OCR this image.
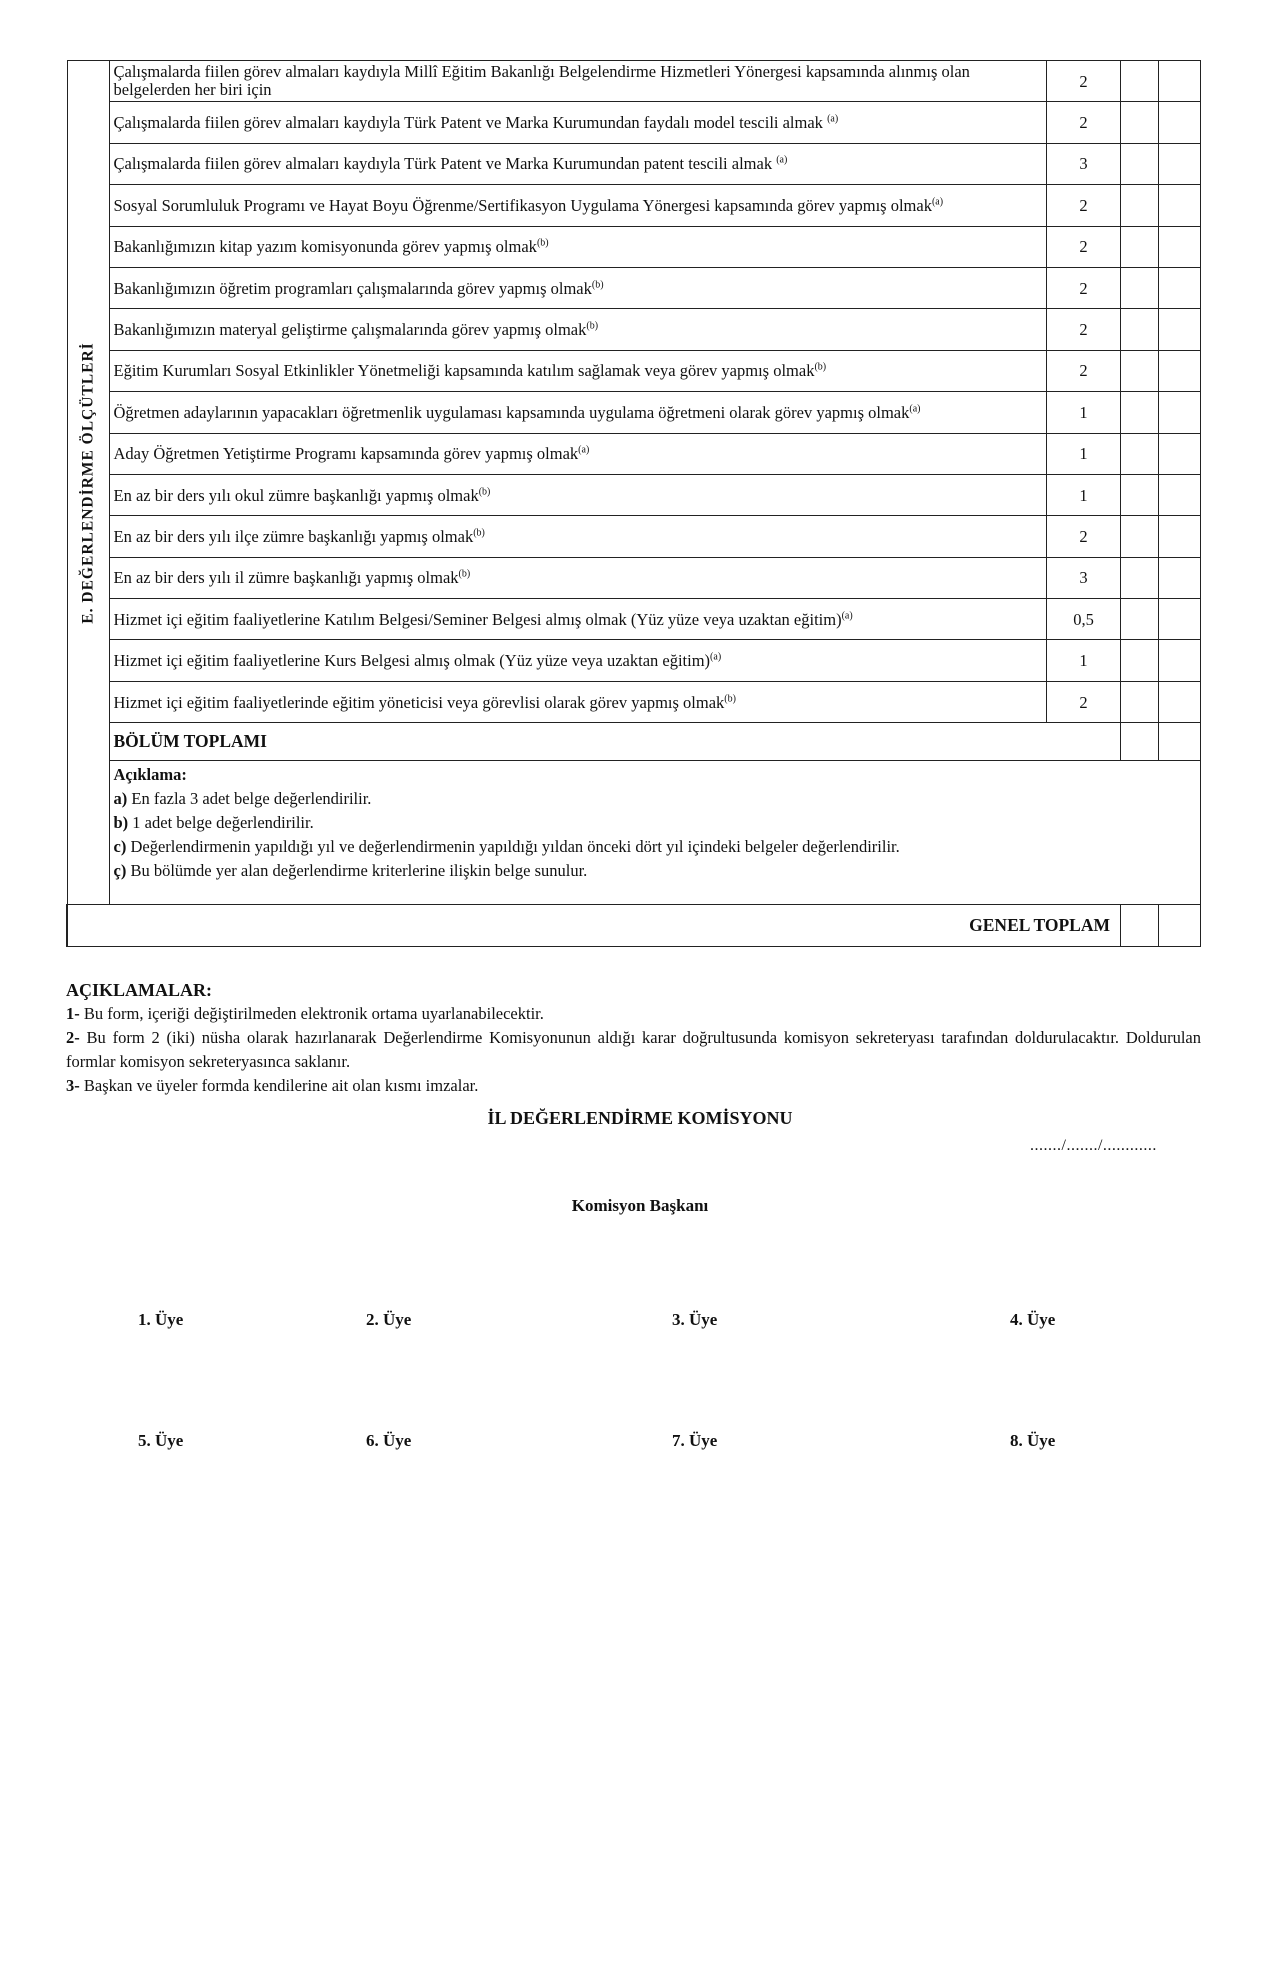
E. DEĞERLENDİRME ÖLÇÜTLERİ	Çalışmalarda fiilen görev almaları kaydıyla Millî Eğitim Bakanlığı Belgelendirme Hizmetleri Yönergesi kapsamında alınmış olan belgelerden her biri için	2		
	Çalışmalarda fiilen görev almaları kaydıyla Türk Patent ve Marka Kurumundan faydalı model tescili almak $^{(a)}$	2		
	Çalışmalarda fiilen görev almaları kaydıyla Türk Patent ve Marka Kurumundan patent tescili almak $^{(a)}$	3		
	Sosyal Sorumluluk Programı ve Hayat Boyu Öğrenme/Sertifikasyon Uygulama Yönergesi kapsamında görev yapmış olmak$^{(a)}$	2		
	Bakanlığımızın kitap yazım komisyonunda görev yapmış olmak$^{(b)}$	2		
	Bakanlığımızın öğretim programları çalışmalarında görev yapmış olmak$^{(b)}$	2		
	Bakanlığımızın materyal geliştirme çalışmalarında görev yapmış olmak$^{(b)}$	2		
	Eğitim Kurumları Sosyal Etkinlikler Yönetmeliği kapsamında katılım sağlamak veya görev yapmış olmak$^{(b)}$	2		
	Öğretmen adaylarının yapacakları öğretmenlik uygulaması kapsamında uygulama öğretmeni olarak görev yapmış olmak$^{(a)}$	1		
	Aday Öğretmen Yetiştirme Programı kapsamında görev yapmış olmak$^{(a)}$	1		
	En az bir ders yılı okul zümre başkanlığı yapmış olmak$^{(b)}$	1		
	En az bir ders yılı ilçe zümre başkanlığı yapmış olmak$^{(b)}$	2		
	En az bir ders yılı il zümre başkanlığı yapmış olmak$^{(b)}$	3		
	Hizmet içi eğitim faaliyetlerine Katılım Belgesi/Seminer Belgesi almış olmak (Yüz yüze veya uzaktan eğitim)$^{(a)}$	0,5		
	Hizmet içi eğitim faaliyetlerine Kurs Belgesi almış olmak (Yüz yüze veya uzaktan eğitim)$^{(a)}$	1		
	Hizmet içi eğitim faaliyetlerinde eğitim yöneticisi veya görevlisi olarak görev yapmış olmak$^{(b)}$	2		
	BÖLÜM TOPLAMI			

	Açıklama:
a) En fazla 3 adet belge değerlendirilir.
b) 1 adet belge değerlendirilir.
c) Değerlendirmenin yapıldığı yıl ve değerlendirmenin yapıldığı yıldan önceki dört yıl içindeki belgeler değerlendirilir.
ç) Bu bölümde yer alan değerlendirme kriterlerine ilişkin belge sunulur.			

GENEL TOPLAM				
AÇIKLAMALAR:

1- Bu form, içeriği değiştirilmeden elektronik ortama uyarlanabilecektir.

2- Bu form 2 (iki) nüsha olarak hazırlanarak Değerlendirme Komisyonunun aldığı karar doğrultusunda komisyon sekreteryası tarafından doldurulacaktır. Doldurulan formlar komisyon sekreteryasınca saklanır.

3- Başkan ve üyeler formda kendilerine ait olan kısmı imzalar.

İL DEĞERLENDİRME KOMİSYONU
......./......./............
Komisyon Başkanı
1. Üye	2. Üye	3. Üye	4. Üye
5. Üye	6. Üye	7. Üye	8. Üye
